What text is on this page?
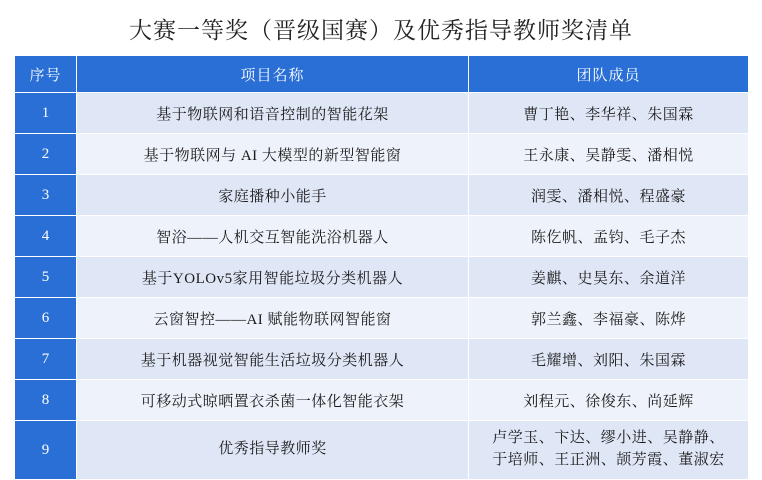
大赛一等奖（晋级国赛）及优秀指导教师奖清单
序号	项目名称	团队成员
1	基于物联网和语音控制的智能花架	曹丁艳、李华祥、朱国霖
2	基于物联网与 AI 大模型的新型智能窗	王永康、吴静雯、潘相悦
3	家庭播种小能手	润雯、潘相悦、程盛豪
4	智浴——人机交互智能洗浴机器人	陈仡帆、孟钧、毛子杰
5	基于YOLOv5家用智能垃圾分类机器人	姜麒、史昊东、余道洋
6	云窗智控——AI 赋能物联网智能窗	郭兰鑫、李福豪、陈烨
7	基于机器视觉智能生活垃圾分类机器人	毛耀增、刘阳、朱国霖
8	可移动式晾晒置衣杀菌一体化智能衣架	刘程元、徐俊东、尚延辉
9	优秀指导教师奖	卢学玉、卞达、缪小进、吴静静、
于培师、王正洲、颉芳霞、董淑宏
